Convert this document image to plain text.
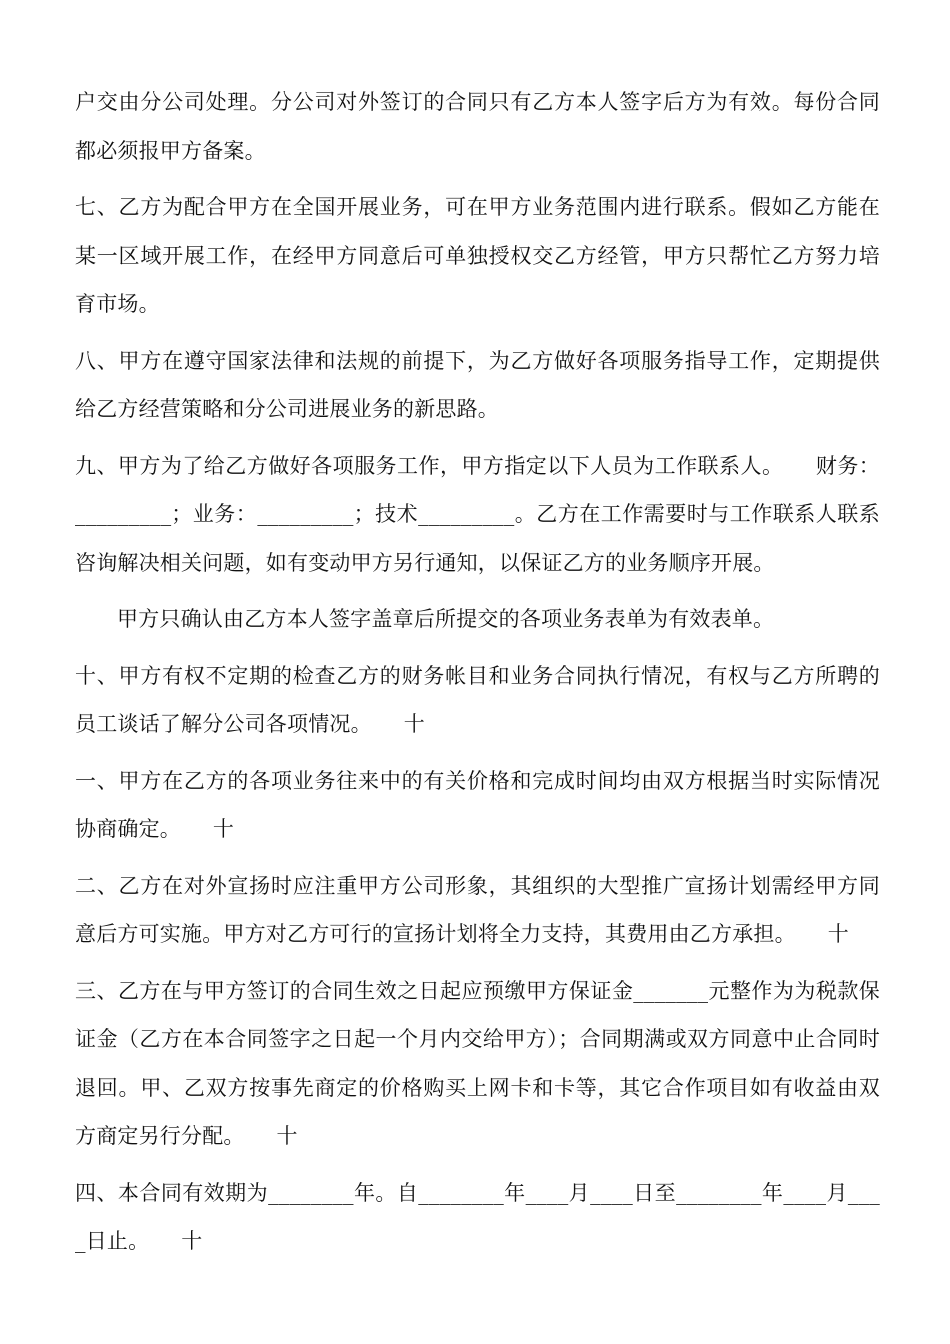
户交由分公司处理。分公司对外签订的合同只有乙方本人签字后方为有效。每份合同都必须报甲方备案。

七、乙方为配合甲方在全国开展业务，可在甲方业务范围内进行联系。假如乙方能在某一区域开展工作，在经甲方同意后可单独授权交乙方经管，甲方只帮忙乙方努力培育市场。

八、甲方在遵守国家法律和法规的前提下，为乙方做好各项服务指导工作，定期提供给乙方经营策略和分公司进展业务的新思路。

九、甲方为了给乙方做好各项服务工作，甲方指定以下人员为工作联系人。　　财务：_________；业务：_________；技术_________。乙方在工作需要时与工作联系人联系咨询解决相关问题，如有变动甲方另行通知，以保证乙方的业务顺序开展。

甲方只确认由乙方本人签字盖章后所提交的各项业务表单为有效表单。

十、甲方有权不定期的检查乙方的财务帐目和业务合同执行情况，有权与乙方所聘的员工谈话了解分公司各项情况。　　十

一、甲方在乙方的各项业务往来中的有关价格和完成时间均由双方根据当时实际情况协商确定。　　十

二、乙方在对外宣扬时应注重甲方公司形象，其组织的大型推广宣扬计划需经甲方同意后方可实施。甲方对乙方可行的宣扬计划将全力支持，其费用由乙方承担。　　十

三、乙方在与甲方签订的合同生效之日起应预缴甲方保证金_______元整作为为税款保证金（乙方在本合同签字之日起一个月内交给甲方）；合同期满或双方同意中止合同时退回。甲、乙双方按事先商定的价格购买上网卡和卡等，其它合作项目如有收益由双方商定另行分配。　　十

四、本合同有效期为________年。自________年____月____日至________年____月____日止。　　十
